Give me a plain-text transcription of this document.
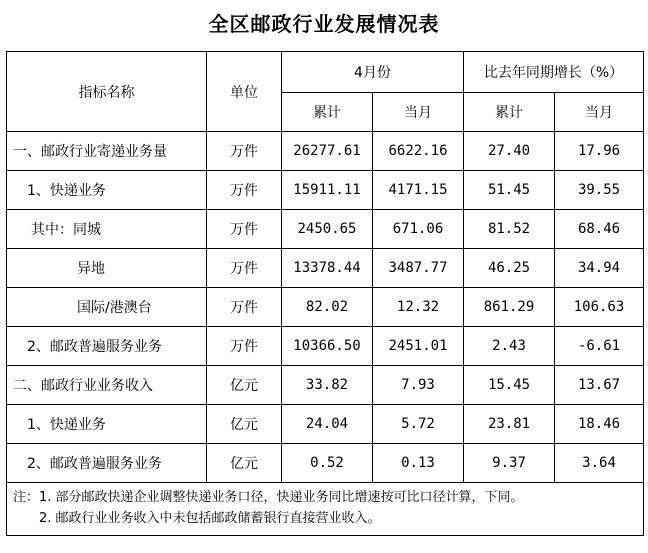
全区邮政行业发展情况表
指标名称	单位	4月份		比去年同期增长（%）	
		累计	当月	累计	当月
一、邮政行业寄递业务量	万件	26277.61	6622.16	27.40	17.96
1、快递业务	万件	15911.11	4171.15	51.45	39.55
其中：同城	万件	2450.65	671.06	81.52	68.46
异地	万件	13378.44	3487.77	46.25	34.94
国际/港澳台	万件	82.02	12.32	861.29	106.63
2、邮政普遍服务业务	万件	10366.50	2451.01	2.43	-6.61
二、邮政行业业务收入	亿元	33.82	7.93	15.45	13.67
1、快递业务	亿元	24.04	5.72	23.81	18.46
2、邮政普遍服务业务	亿元	0.52	0.13	9.37	3.64

注：1. 部分邮政快递企业调整快递业务口径，快递业务同比增速按可比口径计算，下同。
2. 邮政行业业务收入中未包括邮政储蓄银行直接营业收入。					
